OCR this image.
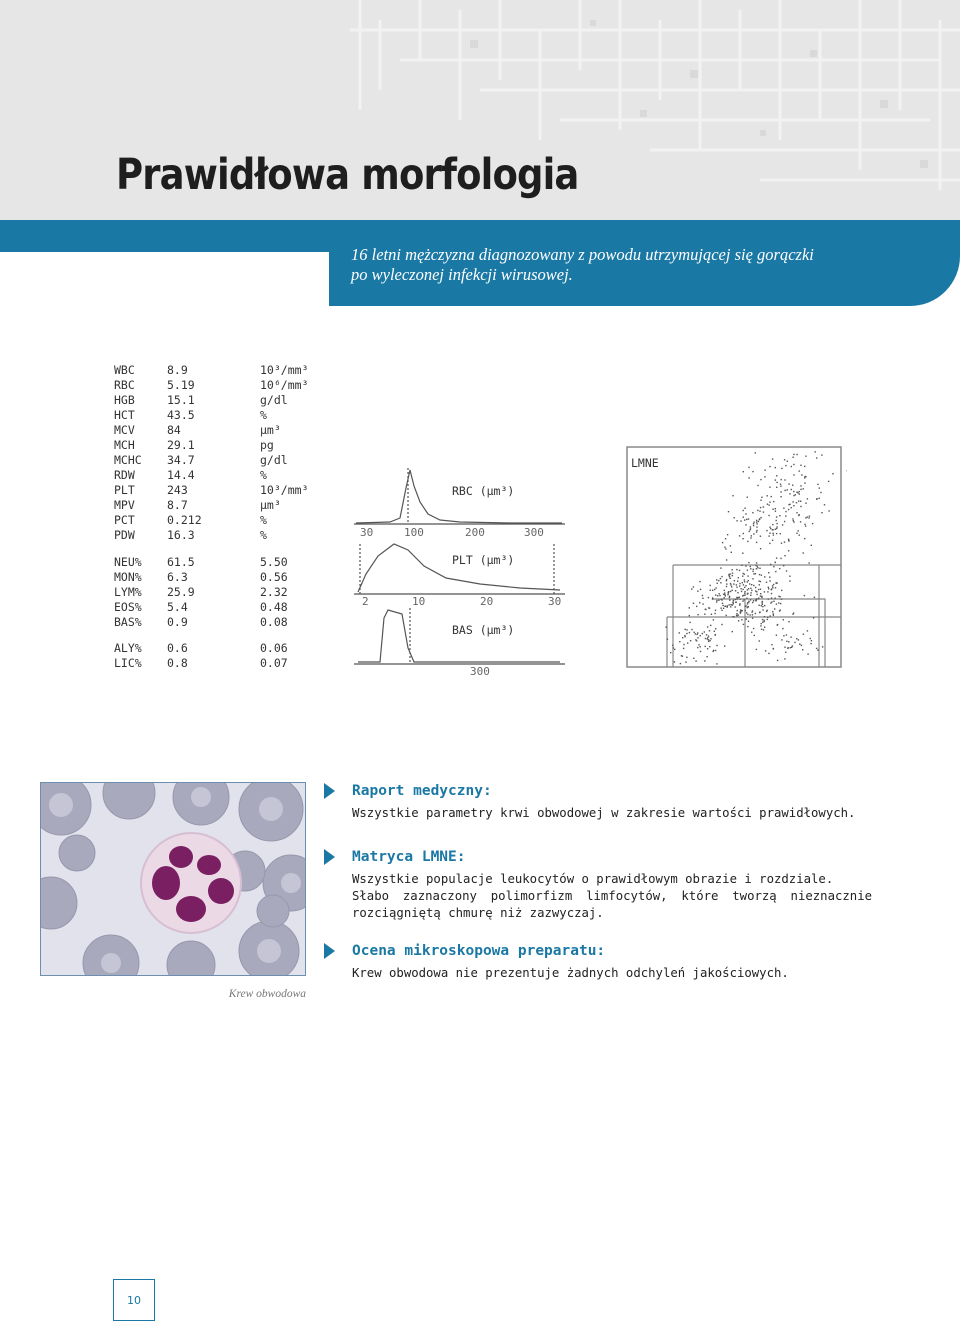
Prawidłowa morfologia
16 letni mężczyzna diagnozowany z powodu utrzymującej się gorączki
po wyleczonej infekcji wirusowej.
WBC	8.9	10³/mm³
RBC	5.19	10⁶/mm³
HGB	15.1	g/dl
HCT	43.5	%
MCV	84	µm³
MCH	29.1	pg
MCHC 34.7	g/dl
RDW	14.4	%
PLT	243	10³/mm³
MPV	8.7	µm³
PCT	0.212	%
PDW	16.3	%
NEU% 61.5	5.50
MON% 6.3	0.56
LYM% 25.9	2.32
EOS% 5.4	0.48
BAS% 0.9	0.08
ALY% 0.6	0.06
LIC% 0.8	0.07
RBC (µm³)
30	100	200	300
PLT (µm³)
2	10	20	30
BAS (µm³)
300
LMNE
Krew obwodowa
Raport medyczny:
Wszystkie parametry krwi obwodowej w zakresie wartości prawidłowych.
Matryca LMNE:
Wszystkie populacje leukocytów o prawidłowym obrazie i rozdziale.
Słabo zaznaczony polimorfizm limfocytów, które tworzą nieznacznie rozciągniętą chmurę niż zazwyczaj.
Ocena mikroskopowa preparatu:
Krew obwodowa nie prezentuje żadnych odchyleń jakościowych.
10
